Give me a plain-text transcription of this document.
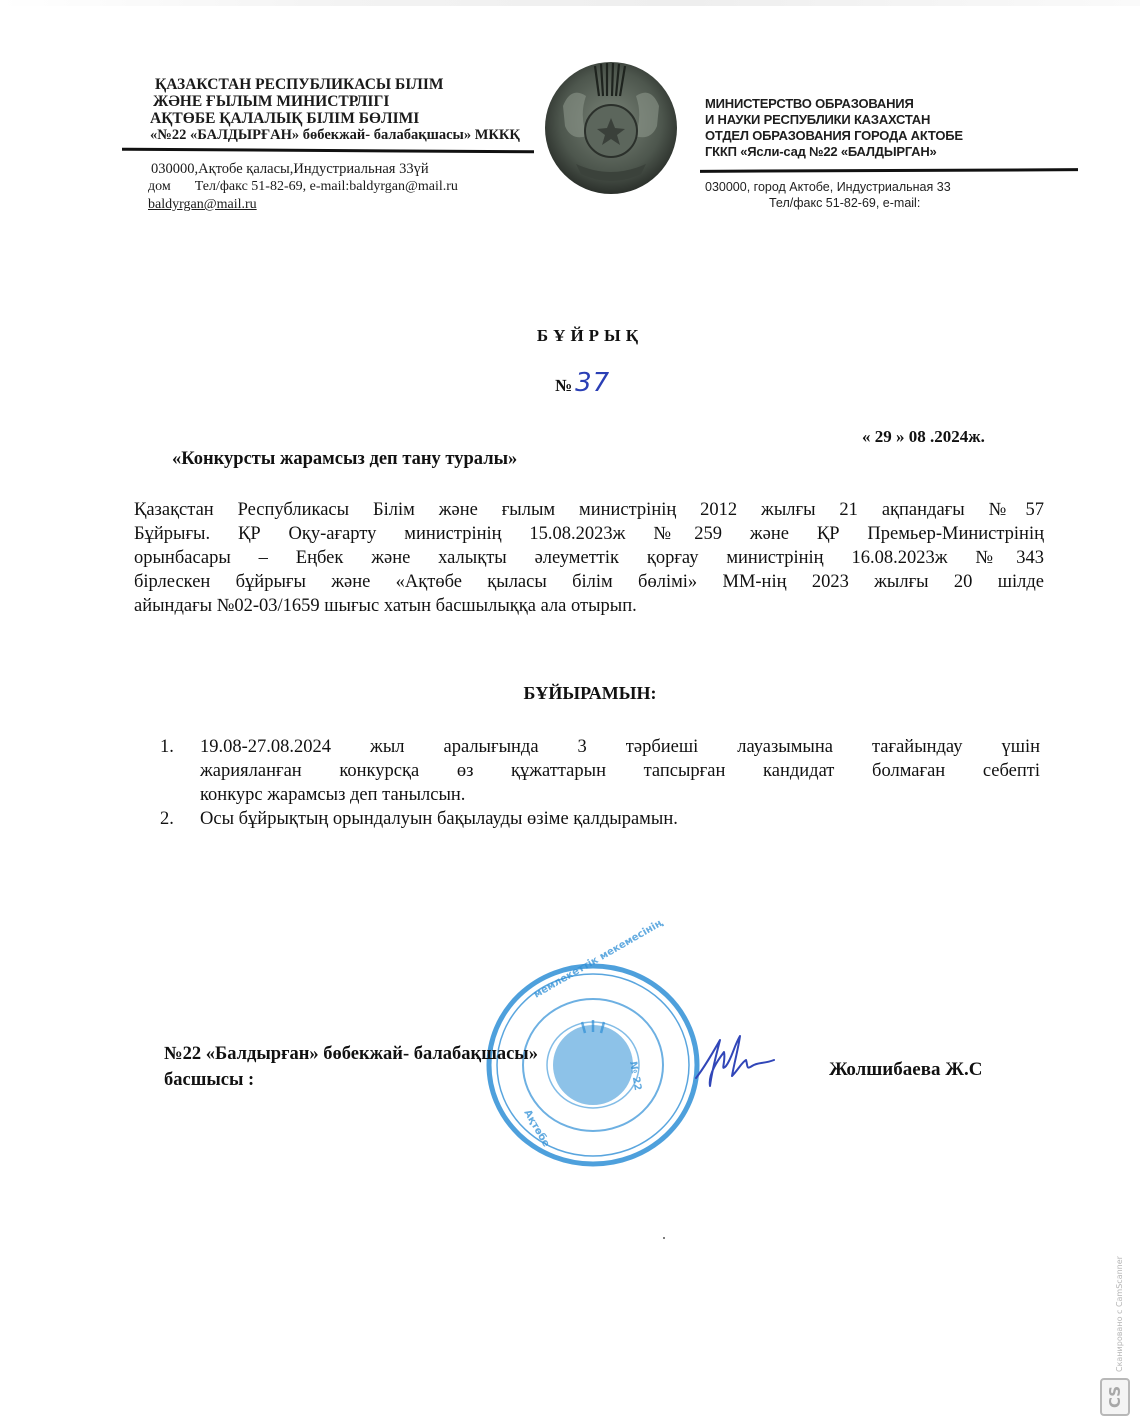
ҚАЗАКСТАН РЕСПУБЛИКАСЫ БІЛІМ
ЖӘНЕ ҒЫЛЫМ МИНИСТРЛІГІ
АҚТӨБЕ ҚАЛАЛЫҚ БІЛІМ БӨЛІМІ
«№22 «БАЛДЫРҒАН» бөбекжай- балабақшасы» МККҚ
030000,Ақтобе қаласы,Индустриальная 33үй
дом Тел/факс 51-82-69, e-mail:baldyrgan@mail.ru
baldyrgan@mail.ru
МИНИСТЕРСТВО ОБРАЗОВАНИЯ
И НАУКИ РЕСПУБЛИКИ КАЗАХСТАН
ОТДЕЛ ОБРАЗОВАНИЯ ГОРОДА АКТОБЕ
ГККП «Ясли-сад №22 «БАЛДЫРГАН»
030000, город Актобе, Индустриальная 33
Тел/факс 51-82-69, e-mail:
БҰЙРЫҚ
№ 37
« 29 » 08 .2024ж.
«Конкурсты жарамсыз деп тану туралы»
Қазақстан Республикасы Білім және ғылым министрінің 2012 жылғы 21 ақпандағы №57
Бұйрығы. ҚР Оқу-ағарту министрінің 15.08.2023ж №259 және ҚР Премьер-Министрінің
орынбасары – Еңбек және халықты әлеуметтік қорғау министрінің 16.08.2023ж №343
бірлескен бұйрығы және «Ақтөбе қыласы білім бөлімі» ММ-нің 2023 жылғы 20 шілде
айындағы №02-03/1659 шығыс хатын басшылыққа ала отырып.
БҰЙЫРАМЫН:
1. 19.08-27.08.2024 жыл аралығында 3 тәрбиеші лауазымына тағайындау үшін
жарияланған конкурсқа өз құжаттарын тапсырған кандидат болмаған себепті
конкурс жарамсыз деп танылсын.
2. Осы бұйрықтың орындалуын бақылауды өзіме қалдырамын.
мемлекеттік мекемесінің
№ 22
Ақтөбе
№22 «Балдырған» бөбекжай- балабақшасы»
басшысы :	Жолшибаева Ж.С
Сканировано с CamScanner
CS
